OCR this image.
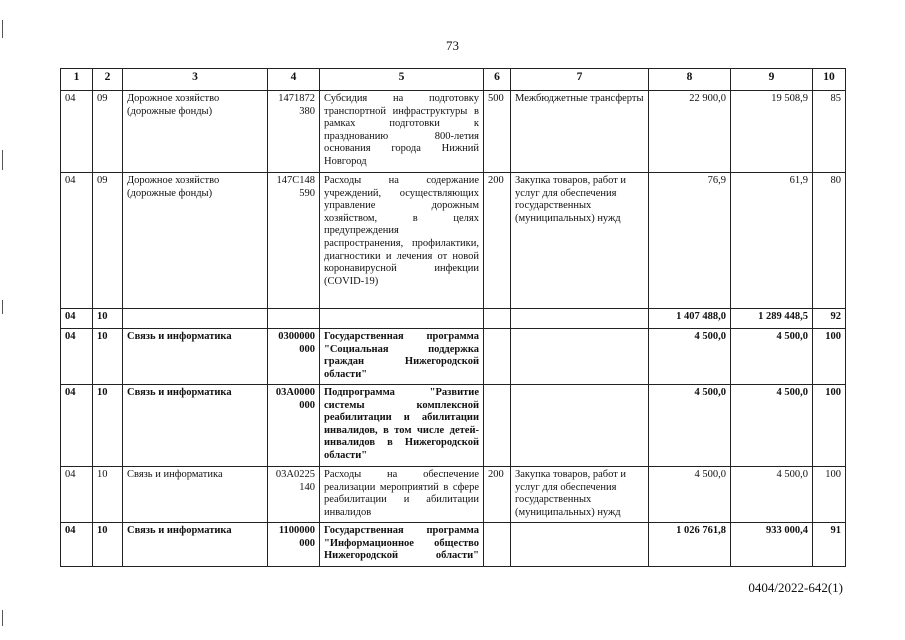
73
1	2	3	4	5	6	7	8	9	10
04	09	Дорожное хозяйство (дорожные фонды)	1471872 380	Субсидия на подготовку транспортной инфраструктуры в рамках подготовки к празднованию 800-летия основания города Нижний Новгород	500	Межбюджетные трансферты	22 900,0	19 508,9	85
04	09	Дорожное хозяйство (дорожные фонды)	147С148 590	Расходы на содержание учреждений, осуществляющих управление дорожным хозяйством, в целях предупреждения распространения, профилактики, диагностики и лечения от новой коронавирусной инфекции (COVID-19)	200	Закупка товаров, работ и услуг для обеспечения государственных (муниципальных) нужд	76,9	61,9	80
04	10						1 407 488,0	1 289 448,5	92
04	10	Связь и информатика	0300000 000	Государственная программа "Социальная поддержка граждан Нижегородской области"			4 500,0	4 500,0	100
04	10	Связь и информатика	03А0000 000	Подпрограмма "Развитие системы комплексной реабилитации и абилитации инвалидов, в том числе детей-инвалидов в Нижегородской области"			4 500,0	4 500,0	100
04	10	Связь и информатика	03А0225 140	Расходы на обеспечение реализации мероприятий в сфере реабилитации и абилитации инвалидов	200	Закупка товаров, работ и услуг для обеспечения государственных (муниципальных) нужд	4 500,0	4 500,0	100
04	10	Связь и информатика	1100000 000	Государственная программа "Информационное общество Нижегородской области"			1 026 761,8	933 000,4	91
0404/2022-642(1)
